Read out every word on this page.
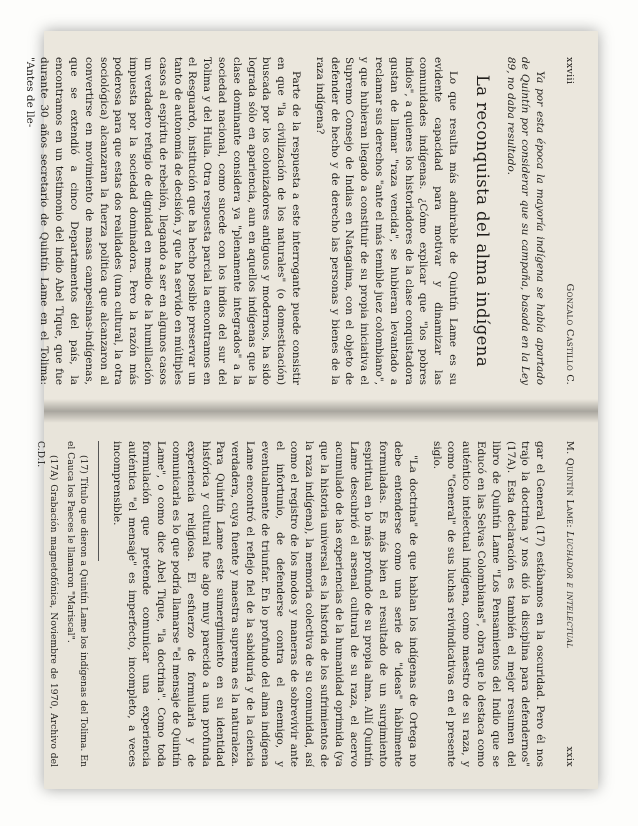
xxviii
Gonzalo Castillo C.

Ya por esta época la mayoría indígena se había apartado de Quintín por considerar que su campaña, basada en la Ley 89, no daba resultado.

La reconquista del alma indígena

Lo que resulta más admirable de Quintín Lame es su evidente capacidad para motivar y dinamizar las comunidades indígenas. ¿Cómo explicar que "los pobres indios", a quienes los historiadores de la clase conquistadora gustan de llamar "raza vencida", se hubieran levantado a reclamar sus derechos "ante el más temible juez colombiano", y que hubieran llegado a constituir de su propia iniciativa el Supremo Consejo de Indias en Natagaima, con el objeto de defender de hecho y de derecho las personas y bienes de la raza indígena?

Parte de la respuesta a este interrogante puede consistir en que "la civilización de los naturales" (o domesticación) buscada por los colonizadores antiguos y modernos, ha sido lograda sólo en apariencia, aun en aquellos indígenas que la clase dominante considera ya "plenamente integrados" a la sociedad nacional, como sucede con los indios del sur del Tolima y del Huila. Otra respuesta parcial la encontramos en el Resguardo, institución que ha hecho posible preservar un tanto de autonomía de decisión, y que ha servido en múltiples casos al espíritu de rebelión, llegando a ser en algunos casos un verdadero refugio de dignidad en medio de la humillación impuesta por la sociedad dominadora. Pero la razón más poderosa para que estas dos realidades (una cultural, la otra sociológica) alcanzaran la fuerza política que alcanzaron al convertirse en movimiento de masas campesinas-indígenas, que se extendió a cinco Departamentos del país, la encontramos en un testimonio del indio Abel Tique, que fue durante 30 años secretario de Quintín Lame en el Tolima: "Antes de lle-

M. Quintín Lame: Luchador e intelectual
xxix

gar el General (17) estábamos en la oscuridad. Pero él nos trajo la doctrina y nos dió la disciplina para defendernos" (17A). Esta declaración es también el mejor resumen del libro de Quintín Lame "Los Pensamientos del Indio que se Educó en las Selvas Colombianas", obra que lo destaca como auténtico intelectual indígena, como maestro de su raza, y como "General" de sus luchas reivindicativas en el presente siglo.

"La doctrina" de que hablan los indígenas de Ortega no debe entenderse como una serie de "ideas" hábilmente formuladas. Es más bien el resultado de un surgimiento espiritual en lo más profundo de su propia alma. Allí Quintín Lame descubrió el arsenal cultural de su raza, el acervo acumulado de las experiencias de la humanidad oprimida (ya que la historia universal es la historia de los sufrimientos de la raza indígena), la memoria colectiva de su comunidad, así como el registro de los modos y maneras de sobrevivir ante el infortunio, de defenderse contra el enemigo, y eventualmente de triunfar. En lo profundo del alma indígena Lame encontró el reflejo fiel de la sabiduría y de la ciencia verdadera, cuya fuente y maestra suprema es la naturaleza. Para Quintín Lame este sumergimiento en su identidad histórica y cultural fue algo muy parecido a una profunda experiencia religiosa. El esfuerzo de formularla y de comunicarla es lo que podría llamarse "el mensaje de Quintín Lame", o como dice Abel Tique, "la doctrina". Como toda formulación que pretende comunicar una experiencia auténtica "el mensaje" es imperfecto, incompleto, a veces incomprensible.

(17) Título que dieron a Quintín Lame los indígenas del Tolima. En el Cauca los Paeces le llamaron "Mariscal".

(17A) Grabación magnetofónica, Noviembre de 1970, Archivo del C.D.I.
